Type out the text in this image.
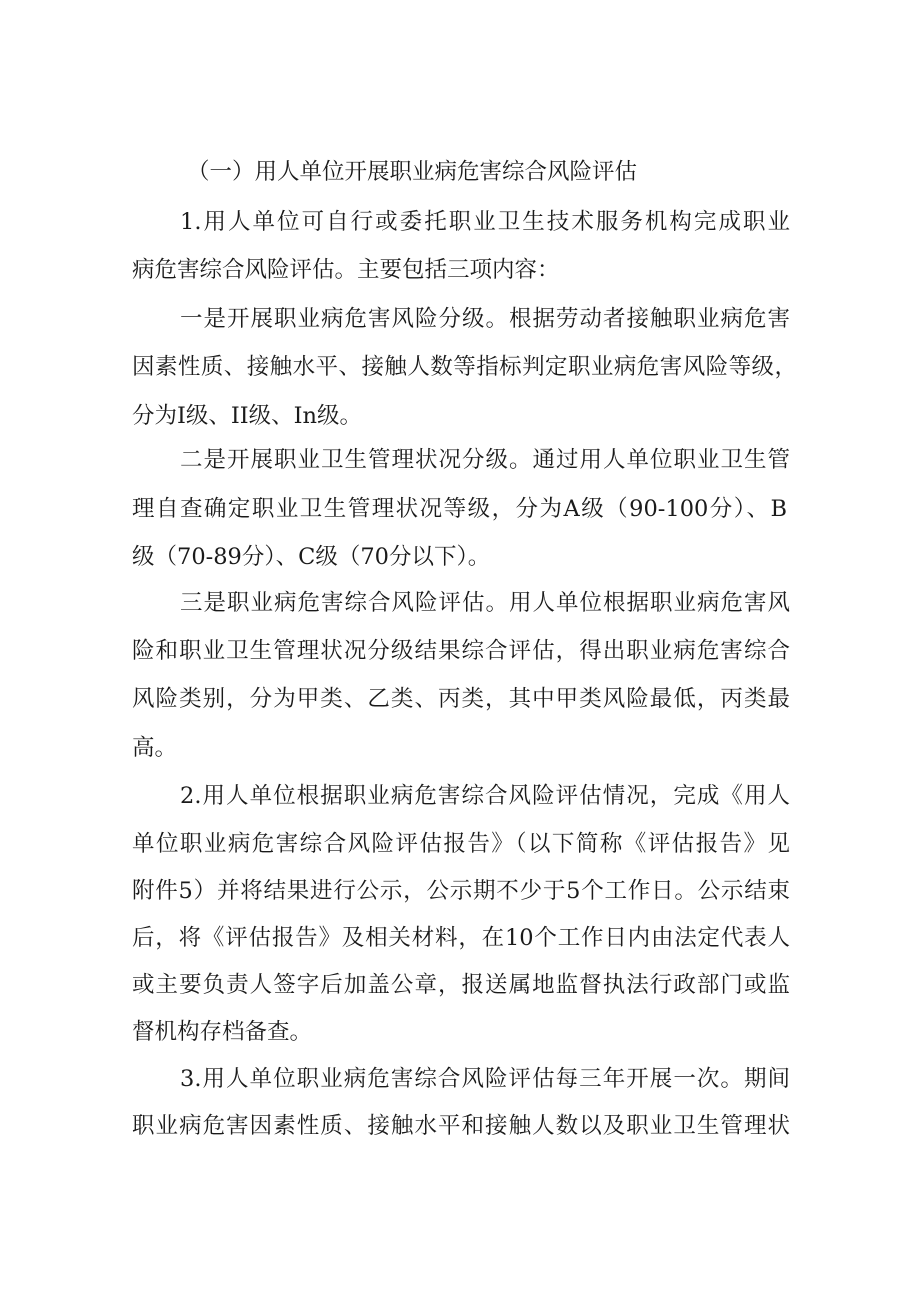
（一）用人单位开展职业病危害综合风险评估
1.用人单位可自行或委托职业卫生技术服务机构完成职业
病危害综合风险评估。主要包括三项内容：
一是开展职业病危害风险分级。根据劳动者接触职业病危害
因素性质、接触水平、接触人数等指标判定职业病危害风险等级，
分为Ⅰ级、II级、In级。
二是开展职业卫生管理状况分级。通过用人单位职业卫生管
理自查确定职业卫生管理状况等级，分为A级（90-100分）、B
级（70-89分）、C级（70分以下）。
三是职业病危害综合风险评估。用人单位根据职业病危害风
险和职业卫生管理状况分级结果综合评估，得出职业病危害综合
风险类别，分为甲类、乙类、丙类，其中甲类风险最低，丙类最
高。
2.用人单位根据职业病危害综合风险评估情况，完成《用人
单位职业病危害综合风险评估报告》（以下简称《评估报告》见
附件5）并将结果进行公示，公示期不少于5个工作日。公示结束
后，将《评估报告》及相关材料，在10个工作日内由法定代表人
或主要负责人签字后加盖公章，报送属地监督执法行政部门或监
督机构存档备查。
3.用人单位职业病危害综合风险评估每三年开展一次。期间
职业病危害因素性质、接触水平和接触人数以及职业卫生管理状
